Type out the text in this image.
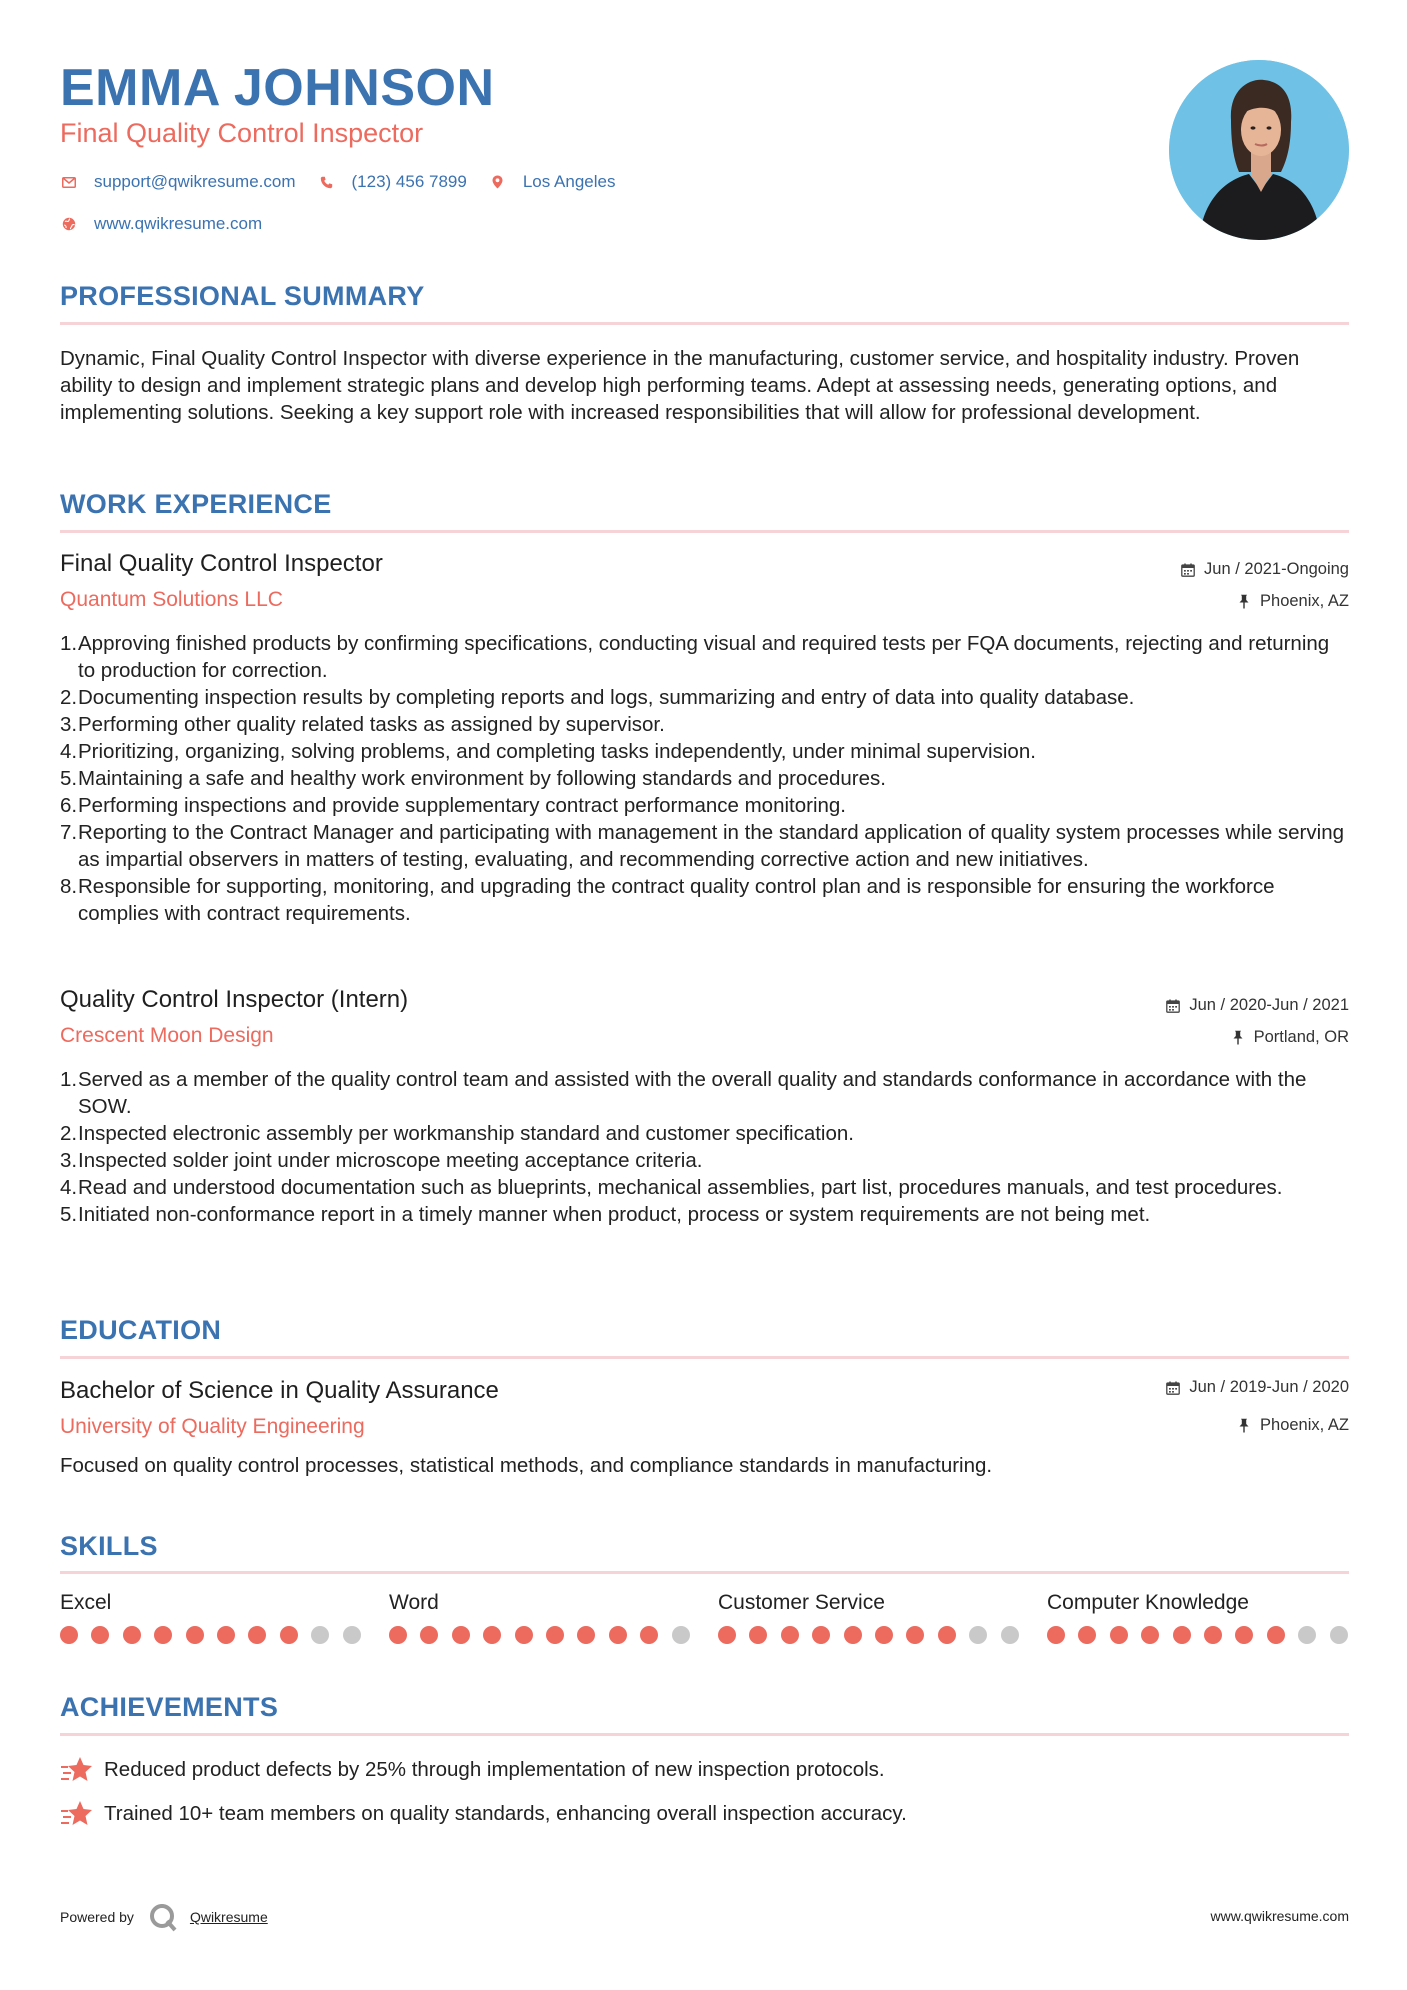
EMMA JOHNSON
Final Quality Control Inspector
support@qwikresume.com	(123) 456 7899	Los Angeles
www.qwikresume.com
PROFESSIONAL SUMMARY
Dynamic, Final Quality Control Inspector with diverse experience in the manufacturing, customer service, and hospitality industry. Proven ability to design and implement strategic plans and develop high performing teams. Adept at assessing needs, generating options, and implementing solutions. Seeking a key support role with increased responsibilities that will allow for professional development.
WORK EXPERIENCE
Final Quality Control Inspector	Jun / 2021-Ongoing
Quantum Solutions LLC	Phoenix, AZ
1. Approving finished products by confirming specifications, conducting visual and required tests per FQA documents, rejecting and returning to production for correction.
2. Documenting inspection results by completing reports and logs, summarizing and entry of data into quality database.
3. Performing other quality related tasks as assigned by supervisor.
4. Prioritizing, organizing, solving problems, and completing tasks independently, under minimal supervision.
5. Maintaining a safe and healthy work environment by following standards and procedures.
6. Performing inspections and provide supplementary contract performance monitoring.
7. Reporting to the Contract Manager and participating with management in the standard application of quality system processes while serving as impartial observers in matters of testing, evaluating, and recommending corrective action and new initiatives.
8. Responsible for supporting, monitoring, and upgrading the contract quality control plan and is responsible for ensuring the workforce complies with contract requirements.
Quality Control Inspector (Intern)	Jun / 2020-Jun / 2021
Crescent Moon Design	Portland, OR
1. Served as a member of the quality control team and assisted with the overall quality and standards conformance in accordance with the SOW.
2. Inspected electronic assembly per workmanship standard and customer specification.
3. Inspected solder joint under microscope meeting acceptance criteria.
4. Read and understood documentation such as blueprints, mechanical assemblies, part list, procedures manuals, and test procedures.
5. Initiated non-conformance report in a timely manner when product, process or system requirements are not being met.
EDUCATION
Bachelor of Science in Quality Assurance	Jun / 2019-Jun / 2020
University of Quality Engineering	Phoenix, AZ
Focused on quality control processes, statistical methods, and compliance standards in manufacturing.
SKILLS
Excel	Word	Customer Service	Computer Knowledge
ACHIEVEMENTS
Reduced product defects by 25% through implementation of new inspection protocols.
Trained 10+ team members on quality standards, enhancing overall inspection accuracy.
Powered by	Qwikresume	www.qwikresume.com
